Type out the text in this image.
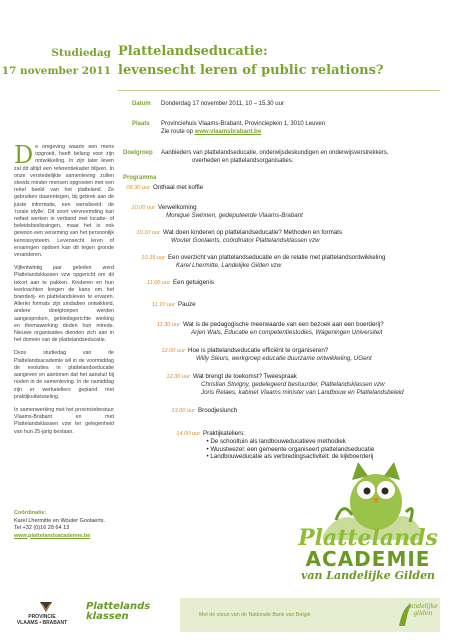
Studiedag
17 november 2011
Plattelandseducatie:
levensecht leren of public relations?
Datum Donderdag 17 november 2011, 10 – 15.30 uur
Plaats Provinciehuis Vlaams-Brabant, Provincieplein 1, 3010 Leuven
Zie route op www.vlaamsbrabant.be
Doelgroep Aanbieders van plattelandseducatie, onderwijsdeskundigen en onderwijsverstrekkers,
overheden en plattelandsorganisaties.
Programma

De omgeving waarin een mens opgroeit, heeft belang voor zijn ontwikkeling. In zijn later leven zal dit altijd een referentiekader blijven. In onze verstedelijkte samenleving zullen steeds minder mensen opgroeien met een reëel beeld van het platteland. Ze gebruiken daarentegen, bij gebrek aan de juiste informatie, een wensbeeld: de 'rurale idylle'. Dit soort vervreemding kan nefast werken in verband met locatie- of beleidsbeslissingen, maar het is ook gewoon een verarming van het persoonlijk kennissysteem. Levensecht leren of ervaringen opdoen kan dit tegen gronde veranderen.

Vijfentwintig jaar geleden werd Plattelandsklassen vzw opgericht om dit tekort aan te pakken. Kinderen en hun leerkrachten kregen de kans om het boerderij- en plattelandsleven te ervaren. Allerlei formats zijn sindsdien ontwikkeld, andere doelgroepen werden aangesproken, gebiedsgerichte werking en themawerking deden hun intrede. Nieuwe organisaties dienden zich aan in het domein van de plattelandseducatie.

Deze studiedag van de Plattelandsacademie wil in de voormiddag de evoluties in plattelandseducatie aangeven en aantonen dat het aansluit bij noden in de samenleving. In de namiddag zijn er werkateliers gepland met praktijkuitwisseling.

In samenwerking met het provinciebestuur Vlaams-Brabant en met Plattelandsklassen vzw ter gelegenheid van hun 25-jarig bestaan.

Coördinatie:
Karel Lhermitte en Wouter Goolaerts.
Tel +32 (0)16 28 64 13
www.plattelandsacademie.be
09.30 uur Onthaal met koffie
10.00 uur Verwelkoming
Monique Swinnen, gedeputeerde Vlaams-Brabant
10.10 uur Wat doen kinderen op plattelandseducatie? Methoden en formats
Wouter Goolaerts, coördinator Plattelandsklassen vzw
10.35 uur Een overzicht van plattelandseducatie en de relatie met plattelandsontwikkeling
Karel Lhermitte, Landelijke Gilden vzw
11.00 uur Een getuigenis
11.10 uur Pauze
11.30 uur Wat is de pedagogische meerwaarde van een bezoek aan een boerderij?
Arjen Wals, Educatie en competentiestudies, Wageningen Universiteit
12.00 uur Hoe is plattelandseducatie efficiënt te organiseren?
Willy Sleurs, werkgroep educatie duurzame ontwikkeling, UGent
12.30 uur Wat brengt de toekomst? Tweespraak
Christian Stivigny, gedelegeerd bestuurder, Plattelandsklassen vzw
Joris Relaes, kabinet Vlaams minister van Landbouw en Plattelandsbeleid
13.00 uur Broodjeslunch
14.00 uur Praktijkateliers:
• De schooltuin als landbouweducatieve methodiek
• Wuustwezel: een gemeente organiseert plattelandseducatie
• Landbouweducatie als verbredingsactiviteit: de kijkboerderij
Plattelands
ACADEMIE
van Landelijke Gilden
Met de steun van de Nationale Bank van België
landelijke
gilden
PROVINCIE
VLAAMS • BRABANT
Plattelands
klassen
